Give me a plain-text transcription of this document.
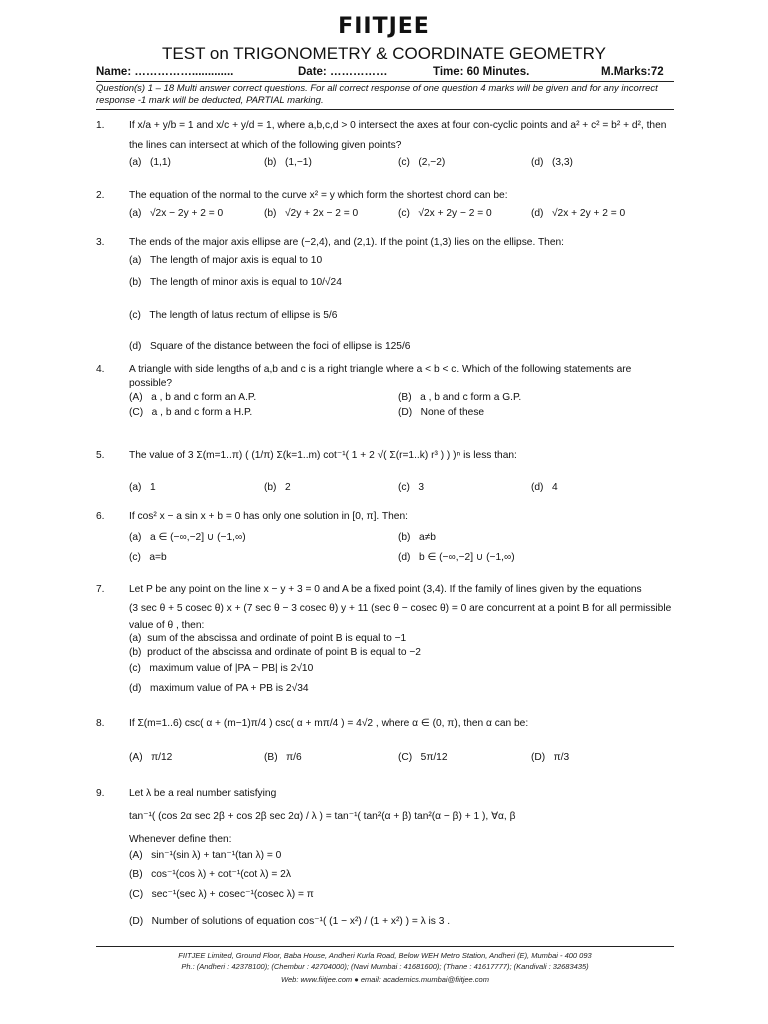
FIITJEE
TEST on TRIGONOMETRY & COORDINATE GEOMETRY
Name: …………….............	Date: ……………	Time: 60 Minutes.	M.Marks:72
Question(s) 1 – 18 Multi answer correct questions. For all correct response of one question 4 marks will be given and for any incorrect response -1 mark will be deducted, PARTIAL marking.
1. If x/a + y/b = 1 and x/c + y/d = 1, where a,b,c,d > 0 intersect the axes at four con-cyclic points and a² + c² = b² + d², then
the lines can intersect at which of the following given points?
(a) (1,1)	(b) (1,−1)	(c) (2,−2)	(d) (3,3)
2. The equation of the normal to the curve x² = y which form the shortest chord can be:
(a) √2x − 2y + 2 = 0	(b) √2y + 2x − 2 = 0	(c) √2x + 2y − 2 = 0	(d) √2x + 2y + 2 = 0
3. The ends of the major axis ellipse are (−2,4), and (2,1). If the point (1,3) lies on the ellipse. Then:
(a) The length of major axis is equal to 10
(b) The length of minor axis is equal to 10/√24
(c) The length of latus rectum of ellipse is 5/6
(d) Square of the distance between the foci of ellipse is 125/6
4. A triangle with side lengths of a,b and c is a right triangle where a < b < c. Which of the following statements are
possible?
(A) a , b and c form an A.P.	(B) a , b and c form a G.P.
(C) a , b and c form a H.P.	(D) None of these
5. The value of 3 Σ(m=1..π) ( (1/π) Σ(k=1..m) cot⁻¹( 1 + 2 √( Σ(r=1..k) r³ ) ) )ⁿ is less than:
(a) 1	(b) 2	(c) 3	(d) 4
6. If cos² x − a sin x + b = 0 has only one solution in [0, π]. Then:
(a) a ∈ (−∞,−2] ∪ (−1,∞)	(b) a≠b
(c) a=b	(d) b ∈ (−∞,−2] ∪ (−1,∞)
7. Let P be any point on the line x − y + 3 = 0 and A be a fixed point (3,4). If the family of lines given by the equations
(3 sec θ + 5 cosec θ) x + (7 sec θ − 3 cosec θ) y + 11 (sec θ − cosec θ) = 0 are concurrent at a point B for all permissible
value of θ , then:
(a) sum of the abscissa and ordinate of point B is equal to −1
(b) product of the abscissa and ordinate of point B is equal to −2
(c) maximum value of |PA − PB| is 2√10
(d) maximum value of PA + PB is 2√34
8. If Σ(m=1..6) csc( α + (m−1)π/4 ) csc( α + mπ/4 ) = 4√2 , where α ∈ (0, π), then α can be:
(A) π/12	(B) π/6	(C) 5π/12	(D) π/3
9. Let λ be a real number satisfying
tan⁻¹( (cos 2α sec 2β + cos 2β sec 2α) / λ ) = tan⁻¹( tan²(α + β) tan²(α − β) + 1 ), ∀α, β
Whenever define then:
(A) sin⁻¹(sin λ) + tan⁻¹(tan λ) = 0
(B) cos⁻¹(cos λ) + cot⁻¹(cot λ) = 2λ
(C) sec⁻¹(sec λ) + cosec⁻¹(cosec λ) = π
(D) Number of solutions of equation cos⁻¹( (1 − x²) / (1 + x²) ) = λ is 3 .
FIITJEE Limited, Ground Floor, Baba House, Andheri Kurla Road, Below WEH Metro Station, Andheri (E), Mumbai - 400 093
Ph.: (Andheri : 42378100); (Chembur : 42704000); (Navi Mumbai : 41681600); (Thane : 41617777); (Kandivali : 32683435)
Web: www.fiitjee.com ● email: academics.mumbai@fiitjee.com
